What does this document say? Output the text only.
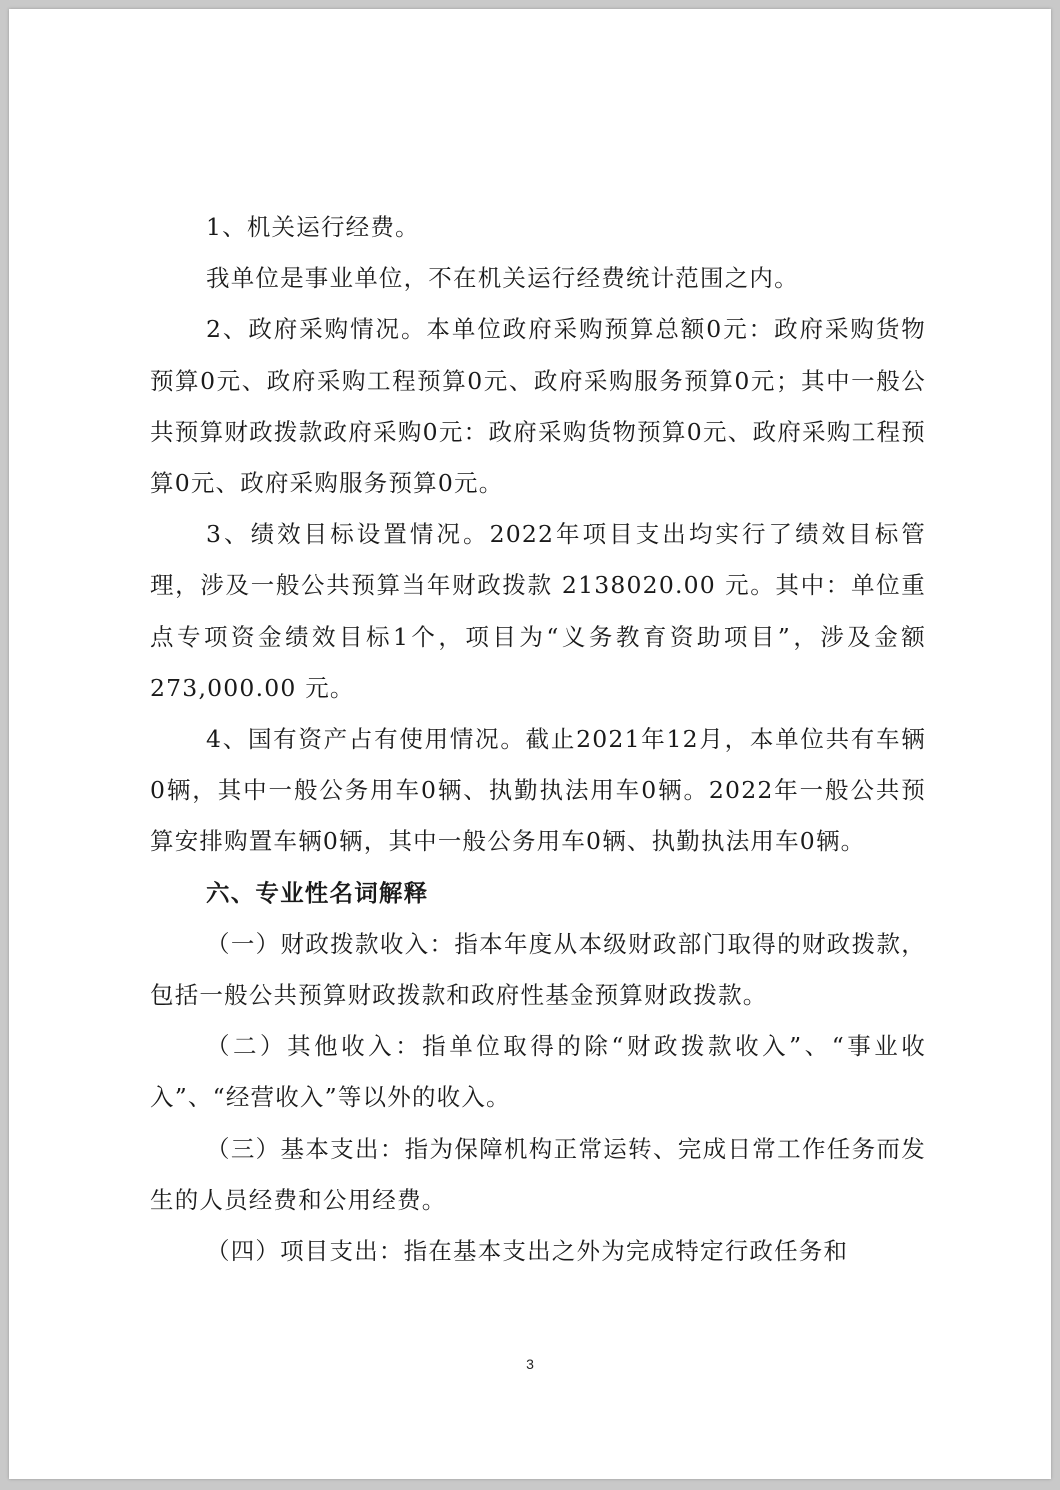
1、机关运行经费。

我单位是事业单位，不在机关运行经费统计范围之内。

2、政府采购情况。本单位政府采购预算总额0元：政府采购货物预算0元、政府采购工程预算0元、政府采购服务预算0元；其中一般公共预算财政拨款政府采购0元：政府采购货物预算0元、政府采购工程预算0元、政府采购服务预算0元。

3、绩效目标设置情况。2022年项目支出均实行了绩效目标管理，涉及一般公共预算当年财政拨款 2138020.00 元。其中：单位重点专项资金绩效目标1个，项目为“义务教育资助项目”，涉及金额 273,000.00 元。

4、国有资产占有使用情况。截止2021年12月，本单位共有车辆0辆，其中一般公务用车0辆、执勤执法用车0辆。2022年一般公共预算安排购置车辆0辆，其中一般公务用车0辆、执勤执法用车0辆。

六、专业性名词解释

（一）财政拨款收入：指本年度从本级财政部门取得的财政拨款，包括一般公共预算财政拨款和政府性基金预算财政拨款。

（二）其他收入：指单位取得的除“财政拨款收入”、“事业收入”、“经营收入”等以外的收入。

（三）基本支出：指为保障机构正常运转、完成日常工作任务而发生的人员经费和公用经费。

（四）项目支出：指在基本支出之外为完成特定行政任务和

3
